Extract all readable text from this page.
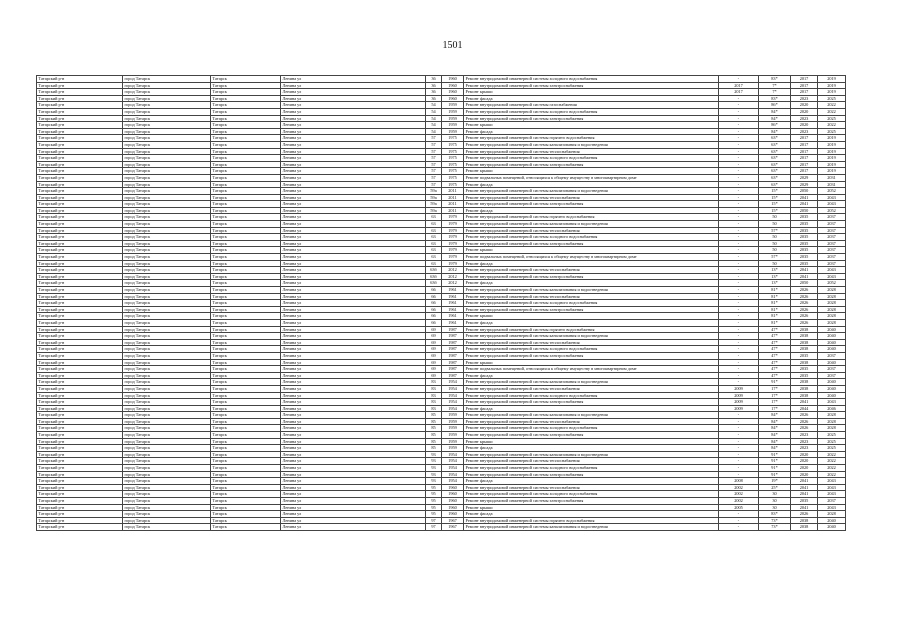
1501
Татарский р-н	город Татарск	Татарск	Ленина ул	36	1960	Ремонт внутридомовой инженерной системы холодного водоснабжения	-	83*	2017	2019
Татарский р-н	город Татарск	Татарск	Ленина ул	36	1960	Ремонт внутридомовой инженерной системы электроснабжения	2017	7*	2017	2019
Татарский р-н	город Татарск	Татарск	Ленина ул	36	1960	Ремонт крыши	2017	7*	2017	2019
Татарский р-н	город Татарск	Татарск	Ленина ул	36	1960	Ремонт фасада	-	83*	2023	2025
Татарский р-н	город Татарск	Татарск	Ленина ул	54	1959	Ремонт внутридомовой инженерной системы газоснабжения	-	86*	2020	2022
Татарский р-н	город Татарск	Татарск	Ленина ул	54	1959	Ремонт внутридомовой инженерной системы холодного водоснабжения	-	84*	2020	2022
Татарский р-н	город Татарск	Татарск	Ленина ул	54	1959	Ремонт внутридомовой инженерной системы электроснабжения	-	84*	2023	2025
Татарский р-н	город Татарск	Татарск	Ленина ул	54	1959	Ремонт крыши	-	86*	2020	2022
Татарский р-н	город Татарск	Татарск	Ленина ул	54	1959	Ремонт фасада	-	84*	2023	2025
Татарский р-н	город Татарск	Татарск	Ленина ул	57	1975	Ремонт внутридомовой инженерной системы горячего водоснабжения	-	63*	2017	2019
Татарский р-н	город Татарск	Татарск	Ленина ул	57	1975	Ремонт внутридомовой инженерной системы канализования и водоотведения	-	63*	2017	2019
Татарский р-н	город Татарск	Татарск	Ленина ул	57	1975	Ремонт внутридомовой инженерной системы теплоснабжения	-	63*	2017	2019
Татарский р-н	город Татарск	Татарск	Ленина ул	57	1975	Ремонт внутридомовой инженерной системы холодного водоснабжения	-	63*	2017	2019
Татарский р-н	город Татарск	Татарск	Ленина ул	57	1975	Ремонт внутридомовой инженерной системы электроснабжения	-	63*	2017	2019
Татарский р-н	город Татарск	Татарск	Ленина ул	57	1975	Ремонт крыши	-	63*	2017	2019
Татарский р-н	город Татарск	Татарск	Ленина ул	57	1975	Ремонт подвальных помещений, относящихся к общему имуществу в многоквартирном доме	-	63*	2029	2031
Татарский р-н	город Татарск	Татарск	Ленина ул	57	1975	Ремонт фасада	-	63*	2029	2031
Татарский р-н	город Татарск	Татарск	Ленина ул	59а	2011	Ремонт внутридомовой инженерной системы канализования и водоотведения	-	15*	2050	2052
Татарский р-н	город Татарск	Татарск	Ленина ул	59а	2011	Ремонт внутридомовой инженерной системы теплоснабжения	-	15*	2041	2043
Татарский р-н	город Татарск	Татарск	Ленина ул	59а	2011	Ремонт внутридомовой инженерной системы электроснабжения	-	15*	2041	2043
Татарский р-н	город Татарск	Татарск	Ленина ул	59а	2011	Ремонт фасада	-	15*	2050	2052
Татарский р-н	город Татарск	Татарск	Ленина ул	63	1979	Ремонт внутридомовой инженерной системы горячего водоснабжения	-	50	2035	2037
Татарский р-н	город Татарск	Татарск	Ленина ул	63	1979	Ремонт внутридомовой инженерной системы канализования и водоотведения	-	50	2035	2037
Татарский р-н	город Татарск	Татарск	Ленина ул	63	1979	Ремонт внутридомовой инженерной системы теплоснабжения	-	57*	2035	2037
Татарский р-н	город Татарск	Татарск	Ленина ул	63	1979	Ремонт внутридомовой инженерной системы холодного водоснабжения	-	50	2035	2037
Татарский р-н	город Татарск	Татарск	Ленина ул	63	1979	Ремонт внутридомовой инженерной системы электроснабжения	-	50	2035	2037
Татарский р-н	город Татарск	Татарск	Ленина ул	63	1979	Ремонт крыши	-	50	2035	2037
Татарский р-н	город Татарск	Татарск	Ленина ул	63	1979	Ремонт подвальных помещений, относящихся к общему имуществу в многоквартирном доме	-	57*	2035	2037
Татарский р-н	город Татарск	Татарск	Ленина ул	63	1979	Ремонт фасада	-	50	2035	2037
Татарский р-н	город Татарск	Татарск	Ленина ул	63б	2012	Ремонт внутридомовой инженерной системы теплоснабжения	-	13*	2041	2043
Татарский р-н	город Татарск	Татарск	Ленина ул	63б	2012	Ремонт внутридомовой инженерной системы электроснабжения	-	13*	2041	2043
Татарский р-н	город Татарск	Татарск	Ленина ул	63б	2012	Ремонт фасада	-	13*	2050	2052
Татарский р-н	город Татарск	Татарск	Ленина ул	66	1961	Ремонт внутридомовой инженерной системы канализования и водоотведения	-	81*	2026	2028
Татарский р-н	город Татарск	Татарск	Ленина ул	66	1961	Ремонт внутридомовой инженерной системы теплоснабжения	-	81*	2026	2028
Татарский р-н	город Татарск	Татарск	Ленина ул	66	1961	Ремонт внутридомовой инженерной системы холодного водоснабжения	-	81*	2026	2028
Татарский р-н	город Татарск	Татарск	Ленина ул	66	1961	Ремонт внутридомовой инженерной системы электроснабжения	-	81*	2026	2028
Татарский р-н	город Татарск	Татарск	Ленина ул	66	1961	Ремонт крыши	-	81*	2026	2028
Татарский р-н	город Татарск	Татарск	Ленина ул	66	1961	Ремонт фасада	-	81*	2026	2028
Татарский р-н	город Татарск	Татарск	Ленина ул	69	1987	Ремонт внутридомовой инженерной системы горячего водоснабжения	-	47*	2038	2040
Татарский р-н	город Татарск	Татарск	Ленина ул	69	1987	Ремонт внутридомовой инженерной системы канализования и водоотведения	-	47*	2038	2040
Татарский р-н	город Татарск	Татарск	Ленина ул	69	1987	Ремонт внутридомовой инженерной системы теплоснабжения	-	47*	2038	2040
Татарский р-н	город Татарск	Татарск	Ленина ул	69	1987	Ремонт внутридомовой инженерной системы холодного водоснабжения	-	47*	2038	2040
Татарский р-н	город Татарск	Татарск	Ленина ул	69	1987	Ремонт внутридомовой инженерной системы электроснабжения	-	47*	2035	2037
Татарский р-н	город Татарск	Татарск	Ленина ул	69	1987	Ремонт крыши	-	47*	2038	2040
Татарский р-н	город Татарск	Татарск	Ленина ул	69	1987	Ремонт подвальных помещений, относящихся к общему имуществу в многоквартирном доме	-	47*	2035	2037
Татарский р-н	город Татарск	Татарск	Ленина ул	69	1987	Ремонт фасада	-	47*	2035	2037
Татарский р-н	город Татарск	Татарск	Ленина ул	83	1954	Ремонт внутридомовой инженерной системы канализования и водоотведения	-	91*	2038	2040
Татарский р-н	город Татарск	Татарск	Ленина ул	83	1954	Ремонт внутридомовой инженерной системы теплоснабжения	2009	17*	2038	2040
Татарский р-н	город Татарск	Татарск	Ленина ул	83	1954	Ремонт внутридомовой инженерной системы холодного водоснабжения	2009	17*	2038	2040
Татарский р-н	город Татарск	Татарск	Ленина ул	83	1954	Ремонт внутридомовой инженерной системы электроснабжения	2009	17*	2041	2043
Татарский р-н	город Татарск	Татарск	Ленина ул	83	1954	Ремонт фасада	2009	17*	2044	2046
Татарский р-н	город Татарск	Татарск	Ленина ул	85	1959	Ремонт внутридомовой инженерной системы канализования и водоотведения	-	84*	2026	2028
Татарский р-н	город Татарск	Татарск	Ленина ул	85	1959	Ремонт внутридомовой инженерной системы теплоснабжения	-	84*	2026	2028
Татарский р-н	город Татарск	Татарск	Ленина ул	85	1959	Ремонт внутридомовой инженерной системы холодного водоснабжения	-	84*	2026	2028
Татарский р-н	город Татарск	Татарск	Ленина ул	85	1959	Ремонт внутридомовой инженерной системы электроснабжения	-	84*	2023	2025
Татарский р-н	город Татарск	Татарск	Ленина ул	85	1959	Ремонт крыши	-	84*	2023	2025
Татарский р-н	город Татарск	Татарск	Ленина ул	85	1959	Ремонт фасада	-	84*	2023	2025
Татарский р-н	город Татарск	Татарск	Ленина ул	93	1954	Ремонт внутридомовой инженерной системы канализования и водоотведения	-	91*	2020	2022
Татарский р-н	город Татарск	Татарск	Ленина ул	93	1954	Ремонт внутридомовой инженерной системы теплоснабжения	-	91*	2020	2022
Татарский р-н	город Татарск	Татарск	Ленина ул	93	1954	Ремонт внутридомовой инженерной системы холодного водоснабжения	-	91*	2020	2022
Татарский р-н	город Татарск	Татарск	Ленина ул	93	1954	Ремонт внутридомовой инженерной системы электроснабжения	-	91*	2020	2022
Татарский р-н	город Татарск	Татарск	Ленина ул	93	1954	Ремонт фасада	2008	19*	2041	2043
Татарский р-н	город Татарск	Татарск	Ленина ул	95	1960	Ремонт внутридомовой инженерной системы теплоснабжения	2002	25*	2041	2043
Татарский р-н	город Татарск	Татарск	Ленина ул	95	1960	Ремонт внутридомовой инженерной системы холодного водоснабжения	2002	30	2041	2043
Татарский р-н	город Татарск	Татарск	Ленина ул	95	1960	Ремонт внутридомовой инженерной системы электроснабжения	2002	30	2035	2037
Татарский р-н	город Татарск	Татарск	Ленина ул	95	1960	Ремонт крыши	2005	30	2041	2043
Татарский р-н	город Татарск	Татарск	Ленина ул	95	1960	Ремонт фасада	-	83*	2026	2028
Татарский р-н	город Татарск	Татарск	Ленина ул	97	1967	Ремонт внутридомовой инженерной системы горячего водоснабжения	-	73*	2038	2040
Татарский р-н	город Татарск	Татарск	Ленина ул	97	1967	Ремонт внутридомовой инженерной системы канализования и водоотведения	-	73*	2038	2040
